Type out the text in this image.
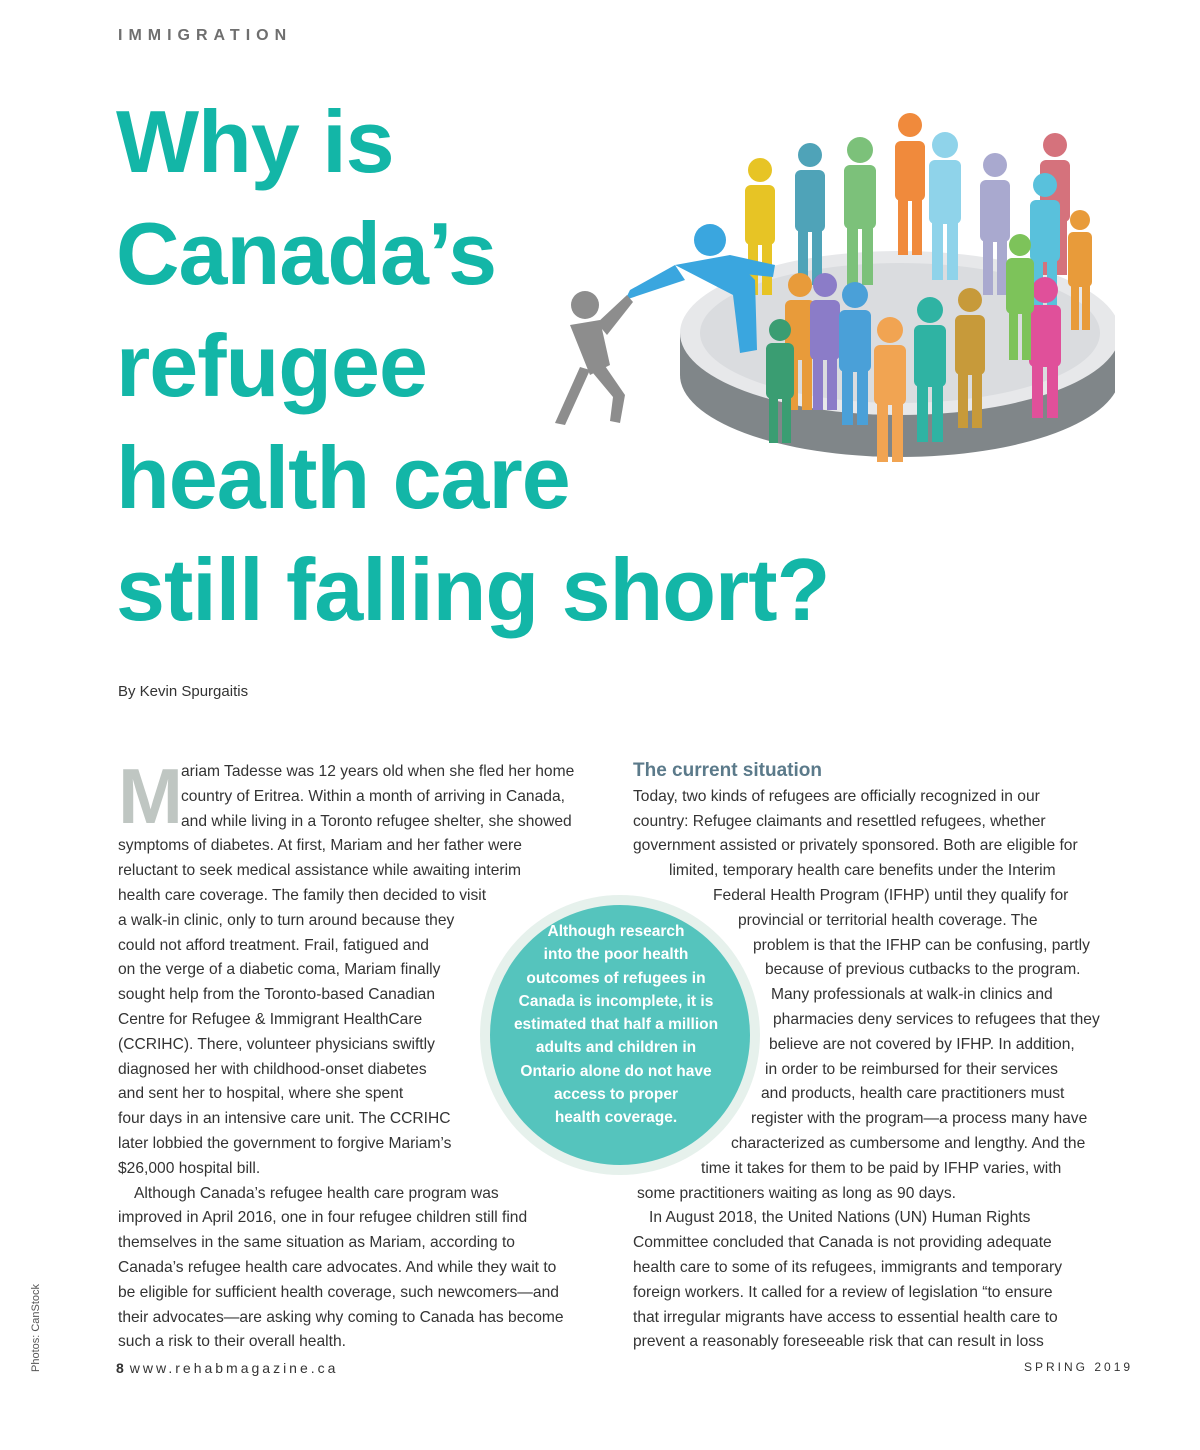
IMMIGRATION
Why is
Canada’s
refugee
health care
still falling short?
By Kevin Spurgaitis
M
ariam Tadesse was 12 years old when she fled her home
country of Eritrea. Within a month of arriving in Canada,
and while living in a Toronto refugee shelter, she showed
symptoms of diabetes. At first, Mariam and her father were
reluctant to seek medical assistance while awaiting interim
health care coverage. The family then decided to visit
a walk-in clinic, only to turn around because they
could not afford treatment. Frail, fatigued and
on the verge of a diabetic coma, Mariam finally
sought help from the Toronto-based Canadian
Centre for Refugee & Immigrant HealthCare
(CCRIHC). There, volunteer physicians swiftly
diagnosed her with childhood-onset diabetes
and sent her to hospital, where she spent
four days in an intensive care unit. The CCRIHC
later lobbied the government to forgive Mariam’s
$26,000 hospital bill.
Although Canada’s refugee health care program was
improved in April 2016, one in four refugee children still find
themselves in the same situation as Mariam, according to
Canada’s refugee health care advocates. And while they wait to
be eligible for sufficient health coverage, such newcomers—and
their advocates—are asking why coming to Canada has become
such a risk to their overall health.
The current situation
Today, two kinds of refugees are officially recognized in our
country: Refugee claimants and resettled refugees, whether
government assisted or privately sponsored. Both are eligible for
limited, temporary health care benefits under the Interim
Federal Health Program (IFHP) until they qualify for
provincial or territorial health coverage. The
problem is that the IFHP can be confusing, partly
because of previous cutbacks to the program.
Many professionals at walk-in clinics and
pharmacies deny services to refugees that they
believe are not covered by IFHP. In addition,
in order to be reimbursed for their services
and products, health care practitioners must
register with the program—a process many have
characterized as cumbersome and lengthy. And the
time it takes for them to be paid by IFHP varies, with
some practitioners waiting as long as 90 days.
In August 2018, the United Nations (UN) Human Rights
Committee concluded that Canada is not providing adequate
health care to some of its refugees, immigrants and temporary
foreign workers. It called for a review of legislation “to ensure
that irregular migrants have access to essential health care to
prevent a reasonably foreseeable risk that can result in loss
Although research
into the poor health
outcomes of refugees in
Canada is incomplete, it is
estimated that half a million
adults and children in
Ontario alone do not have
access to proper
health coverage.
Photos: CanStock	8 www.rehabmagazine.ca	SPRING 2019
